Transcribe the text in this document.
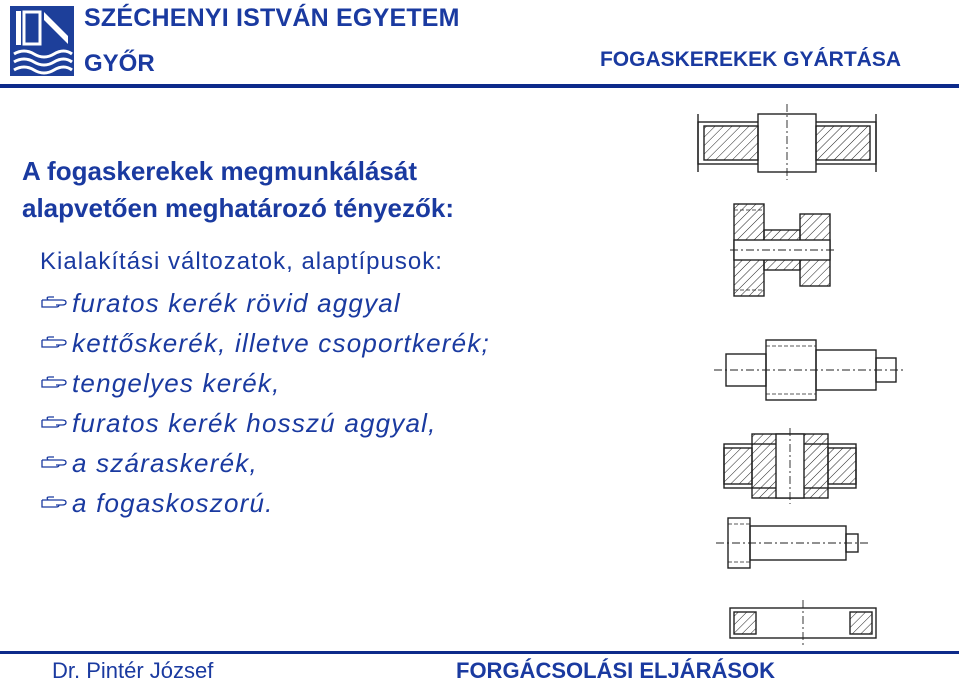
SZÉCHENYI ISTVÁN EGYETEM
GYŐR	FOGASKEREKEK GYÁRTÁSA
A fogaskerekek megmunkálását
alapvetően meghatározó tényezők:
Kialakítási változatok, alaptípusok:
furatos kerék rövid aggyal
kettőskerék, illetve csoportkerék;
tengelyes kerék,
furatos kerék hosszú aggyal,
a száraskerék,
a fogaskoszorú.
Dr. Pintér József	FORGÁCSOLÁSI ELJÁRÁSOK
